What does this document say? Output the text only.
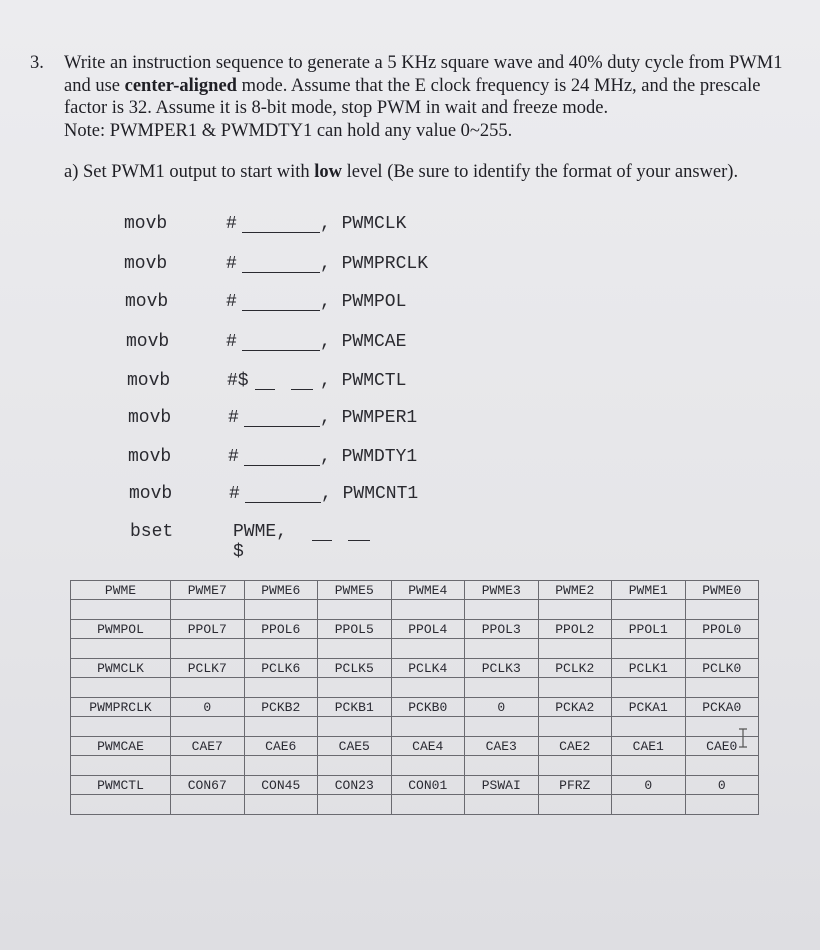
3. Write an instruction sequence to generate a 5 KHz square wave and 40% duty cycle from PWM1 and use center-aligned mode. Assume that the E clock frequency is 24 MHz, and the prescale factor is 32. Assume it is 8-bit mode, stop PWM in wait and freeze mode.
Note: PWMPER1 & PWMDTY1 can hold any value 0~255.
a) Set PWM1 output to start with low level (Be sure to identify the format of your answer).
movb	#	, PWMCLK
movb	#	, PWMPRCLK
movb	#	, PWMPOL
movb	#	, PWMCAE
movb	#$	, PWMCTL
movb	#	, PWMPER1
movb	#	, PWMDTY1
movb	#	, PWMCNT1
bset	PWME, $
PWME	PWME7	PWME6	PWME5	PWME4	PWME3	PWME2	PWME1	PWME0

PWMPOL	PPOL7	PPOL6	PPOL5	PPOL4	PPOL3	PPOL2	PPOL1	PPOL0

PWMCLK	PCLK7	PCLK6	PCLK5	PCLK4	PCLK3	PCLK2	PCLK1	PCLK0

PWMPRCLK	0	PCKB2	PCKB1	PCKB0	0	PCKA2	PCKA1	PCKA0

PWMCAE	CAE7	CAE6	CAE5	CAE4	CAE3	CAE2	CAE1	CAE0

PWMCTL	CON67	CON45	CON23	CON01	PSWAI	PFRZ	0	0
